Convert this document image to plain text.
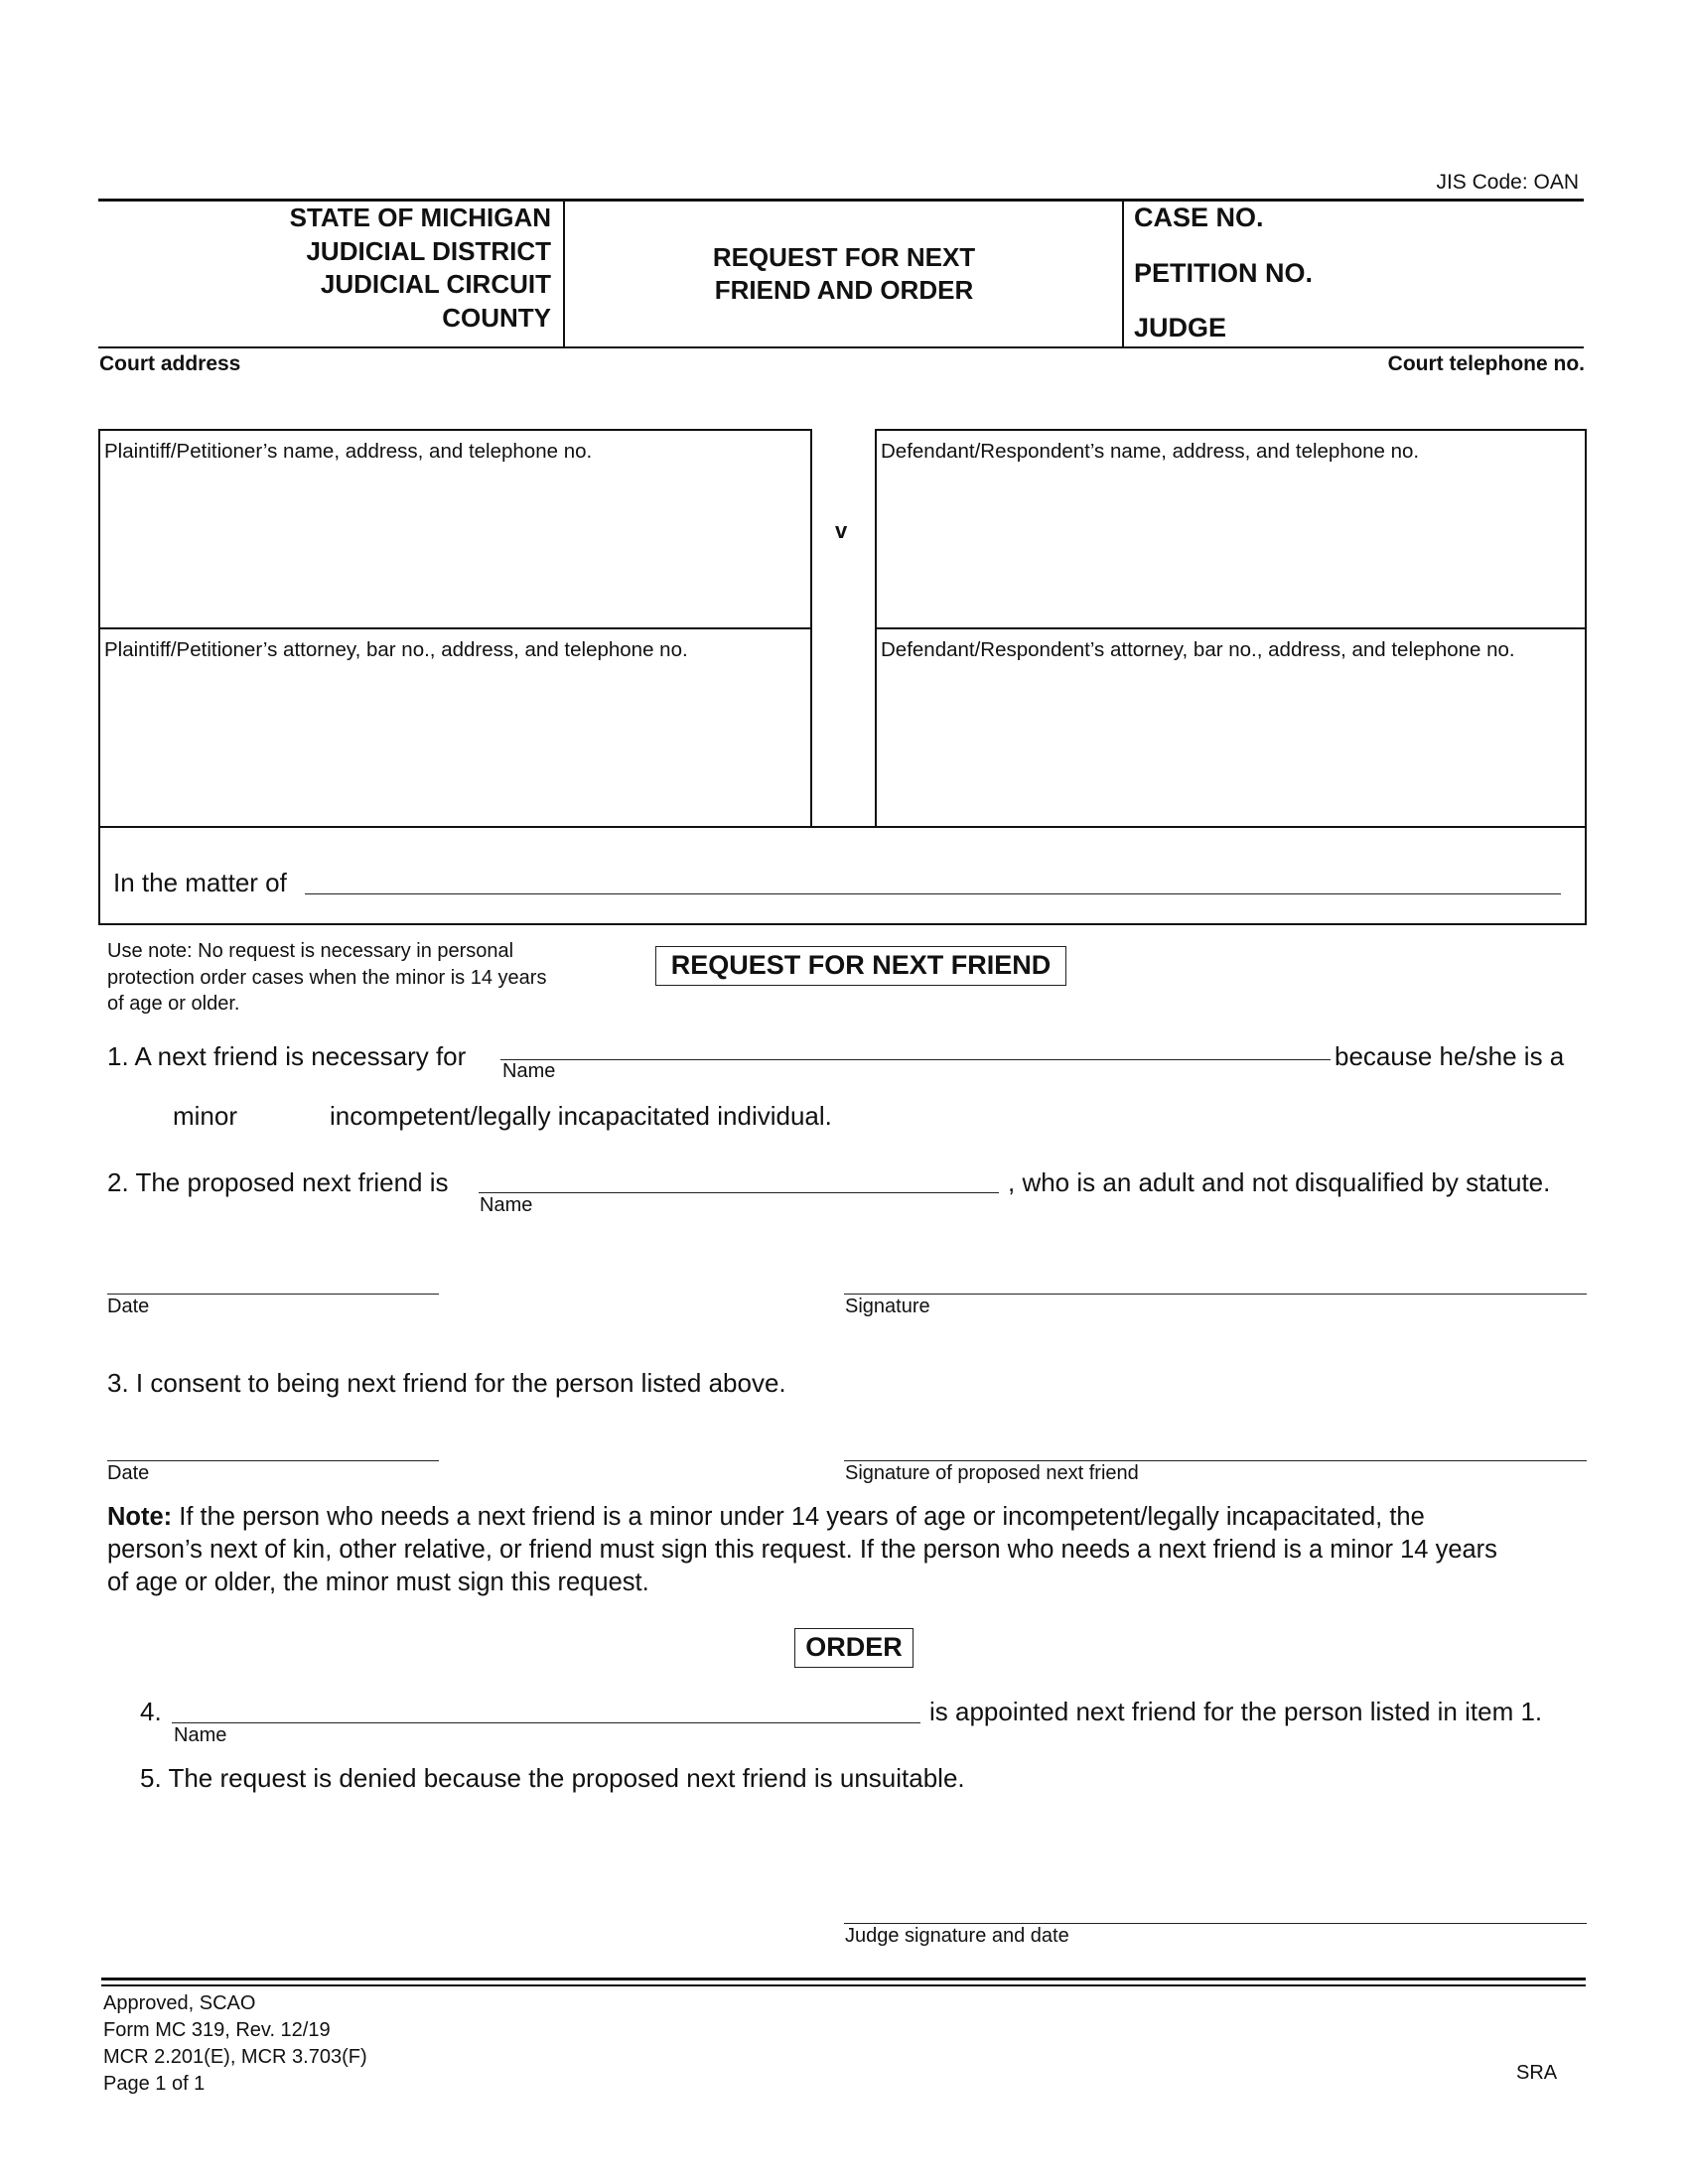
JIS Code: OAN
STATE OF MICHIGAN
JUDICIAL DISTRICT
JUDICIAL CIRCUIT
COUNTY
REQUEST FOR NEXT
FRIEND AND ORDER
CASE NO.
PETITION NO.
JUDGE
Court address	Court telephone no.
Plaintiff/Petitioner’s name, address, and telephone no.
Plaintiff/Petitioner’s attorney, bar no., address, and telephone no.
Defendant/Respondent’s name, address, and telephone no.
Defendant/Respondent’s attorney, bar no., address, and telephone no.
v
In the matter of
Use note: No request is necessary in personal
protection order cases when the minor is 14 years
of age or older.
REQUEST FOR NEXT FRIEND
1. A next friend is necessary for Name	because he/she is a
minor	incompetent/legally incapacitated individual.
2. The proposed next friend is
Name
, who is an adult and not disqualified by statute.
Date	Signature
3. I consent to being next friend for the person listed above.
Date	Signature of proposed next friend
Note: If the person who needs a next friend is a minor under 14 years of age or incompetent/legally incapacitated, the
person’s next of kin, other relative, or friend must sign this request. If the person who needs a next friend is a minor 14 years
of age or older, the minor must sign this request.
ORDER
4.
Name
is appointed next friend for the person listed in item 1.
5. The request is denied because the proposed next friend is unsuitable.
Judge signature and date
Approved, SCAO
Form MC 319, Rev. 12/19
MCR 2.201(E), MCR 3.703(F)
Page 1 of 1	SRA
